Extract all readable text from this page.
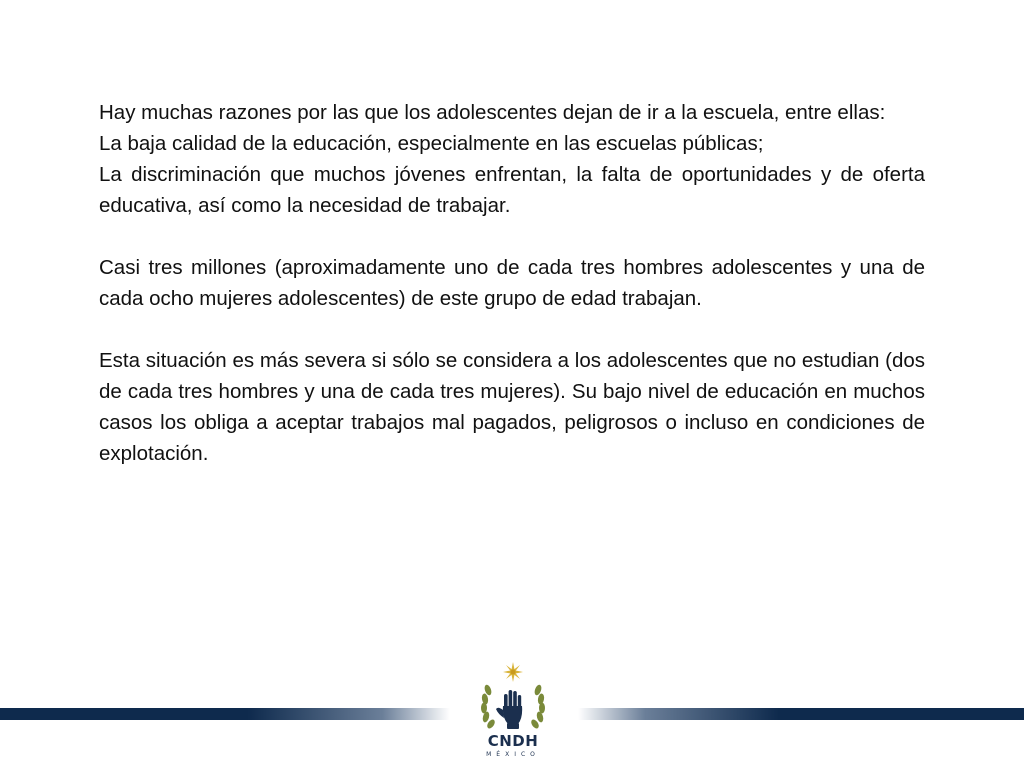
Hay muchas razones por las que los adolescentes dejan de ir a la escuela, entre ellas:

La baja calidad de la educación, especialmente en las escuelas públicas;

La discriminación que muchos jóvenes enfrentan, la falta de oportunidades y de oferta educativa, así como la necesidad de trabajar.

Casi tres millones (aproximadamente uno de cada tres hombres adolescentes y una de cada ocho mujeres adolescentes) de este grupo de edad trabajan.

Esta situación es más severa si sólo se considera a los adolescentes que no estudian (dos de cada tres hombres y una de cada tres mujeres). Su bajo nivel de educación en muchos casos los obliga a aceptar trabajos mal pagados, peligrosos o incluso en condiciones de explotación.

CNDH
MÉXICO
